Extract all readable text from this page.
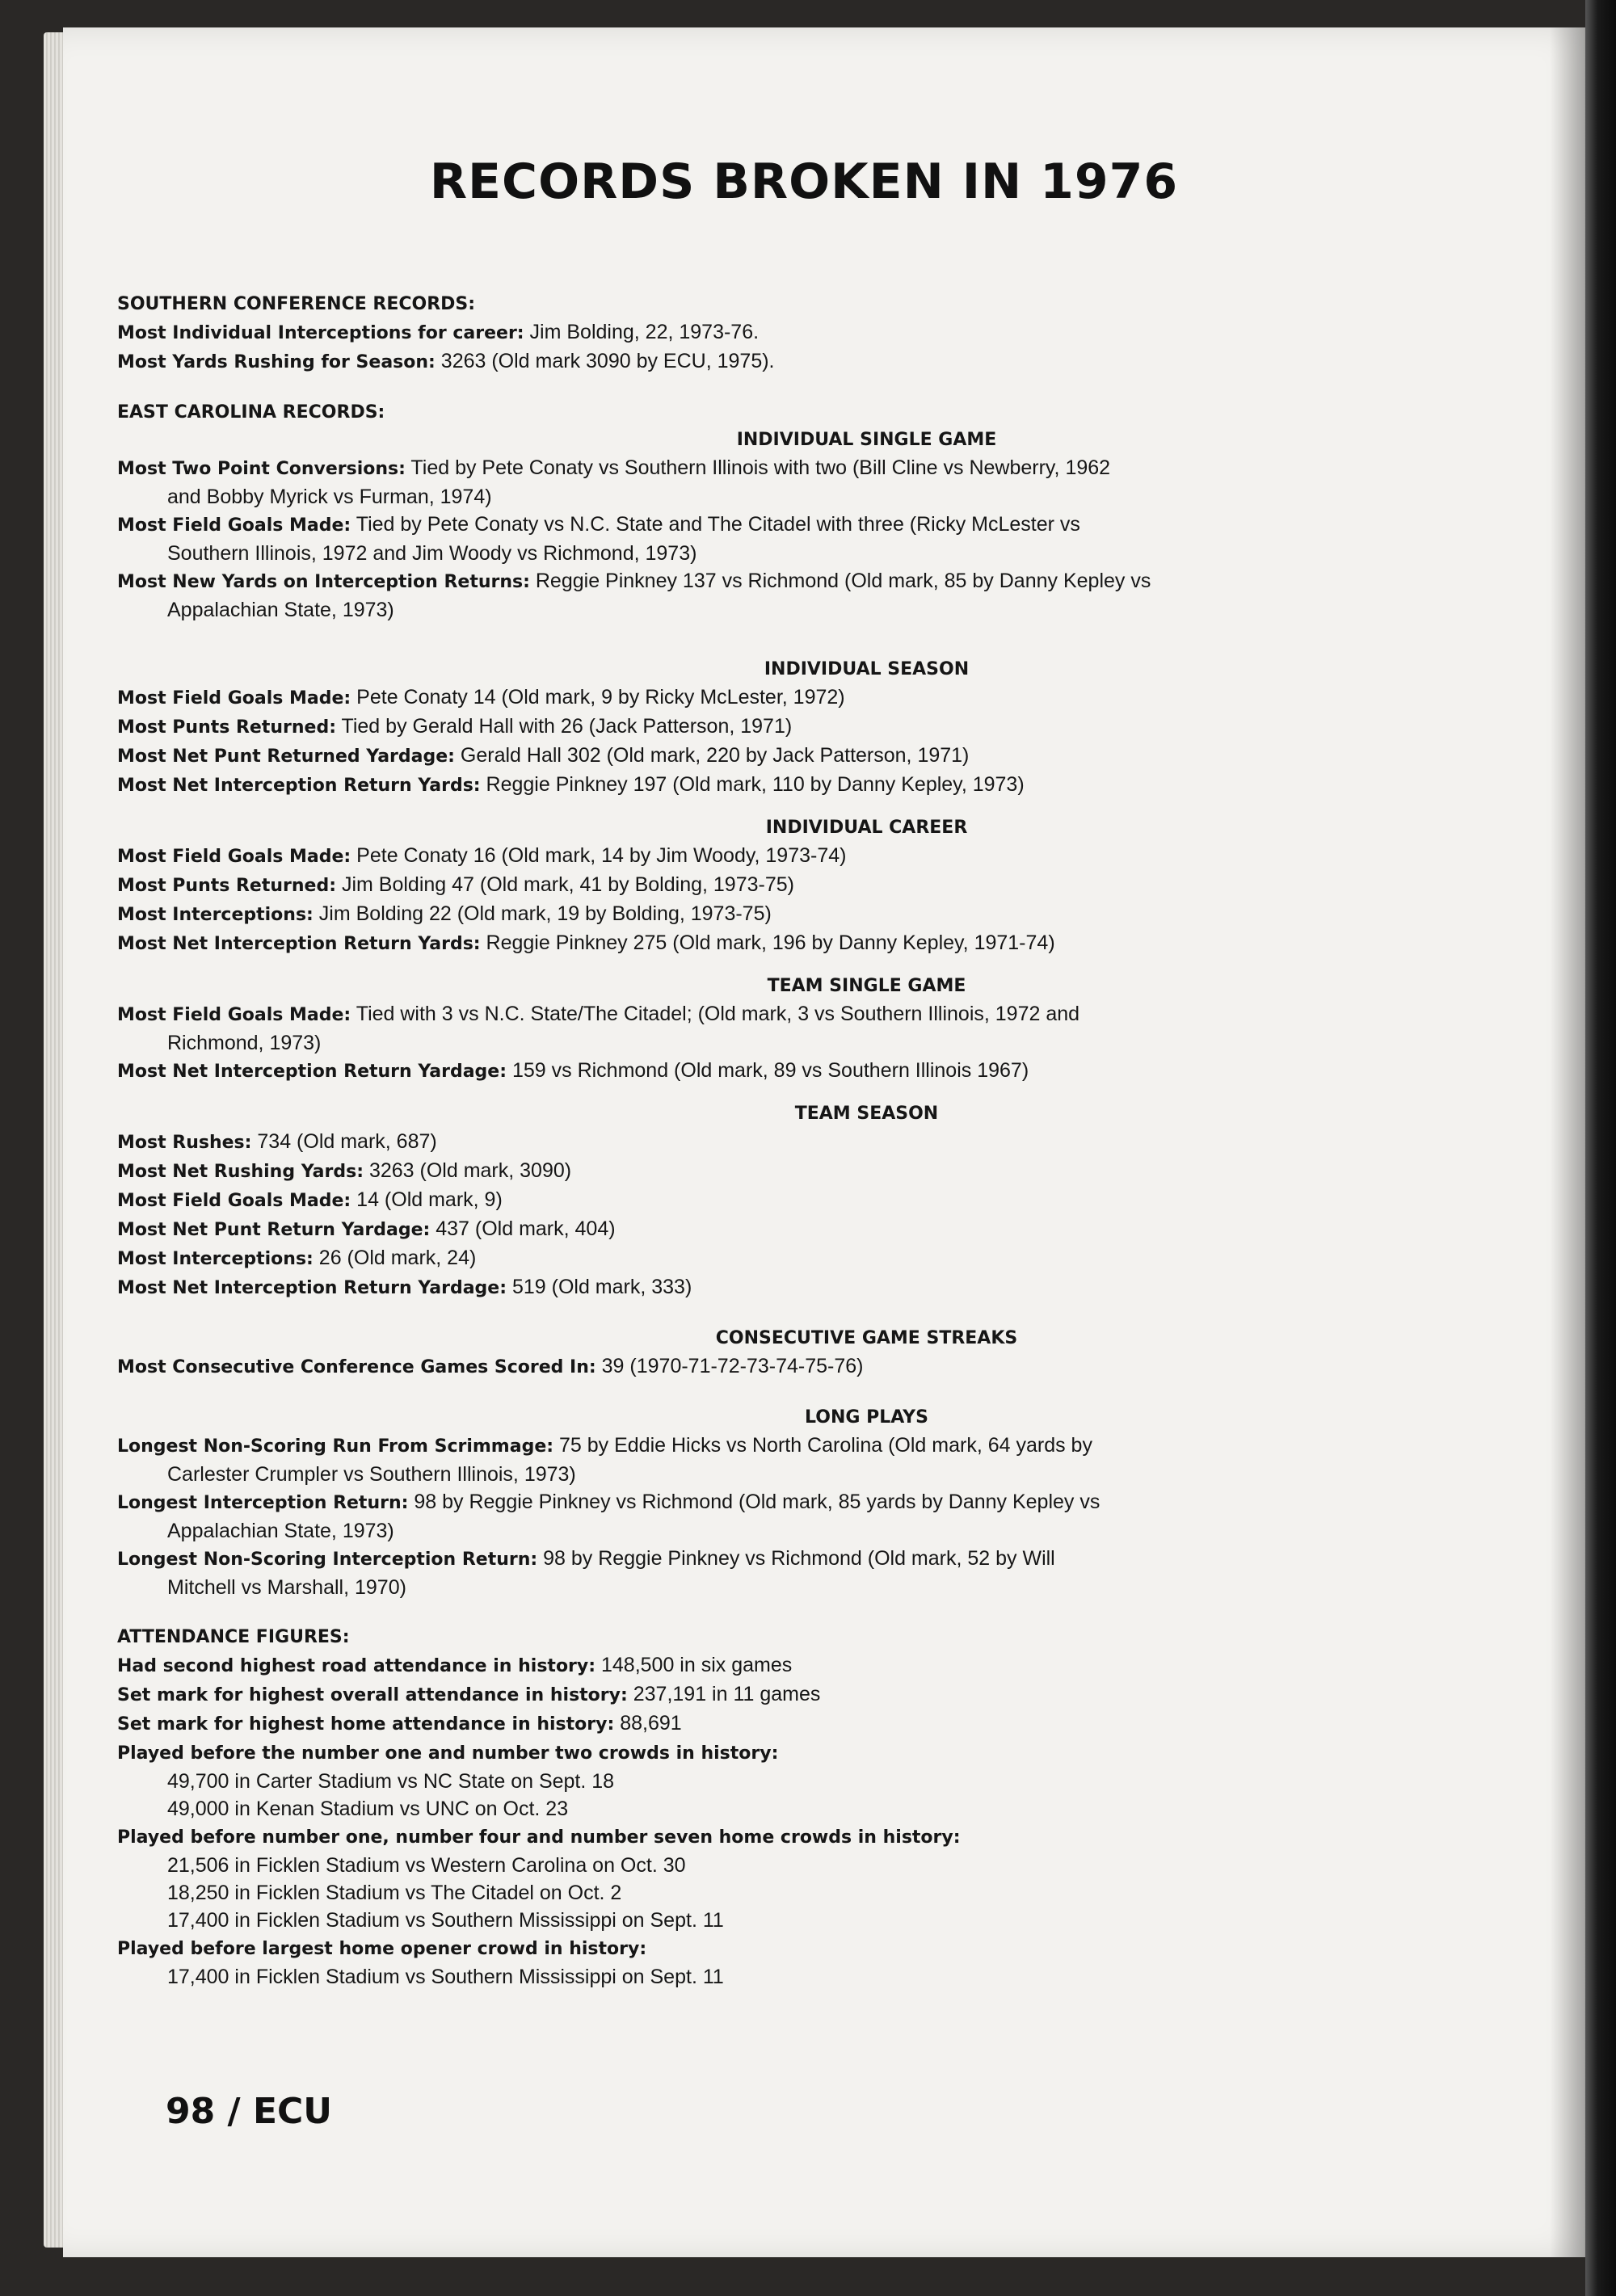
RECORDS BROKEN IN 1976

SOUTHERN CONFERENCE RECORDS:

Most Individual Interceptions for career: Jim Bolding, 22, 1973-76.

Most Yards Rushing for Season: 3263 (Old mark 3090 by ECU, 1975).

EAST CAROLINA RECORDS:

INDIVIDUAL SINGLE GAME

Most Two Point Conversions: Tied by Pete Conaty vs Southern Illinois with two (Bill Cline vs Newberry, 1962

and Bobby Myrick vs Furman, 1974)

Most Field Goals Made: Tied by Pete Conaty vs N.C. State and The Citadel with three (Ricky McLester vs

Southern Illinois, 1972 and Jim Woody vs Richmond, 1973)

Most New Yards on Interception Returns: Reggie Pinkney 137 vs Richmond (Old mark, 85 by Danny Kepley vs

Appalachian State, 1973)

INDIVIDUAL SEASON

Most Field Goals Made: Pete Conaty 14 (Old mark, 9 by Ricky McLester, 1972)

Most Punts Returned: Tied by Gerald Hall with 26 (Jack Patterson, 1971)

Most Net Punt Returned Yardage: Gerald Hall 302 (Old mark, 220 by Jack Patterson, 1971)

Most Net Interception Return Yards: Reggie Pinkney 197 (Old mark, 110 by Danny Kepley, 1973)

INDIVIDUAL CAREER

Most Field Goals Made: Pete Conaty 16 (Old mark, 14 by Jim Woody, 1973-74)

Most Punts Returned: Jim Bolding 47 (Old mark, 41 by Bolding, 1973-75)

Most Interceptions: Jim Bolding 22 (Old mark, 19 by Bolding, 1973-75)

Most Net Interception Return Yards: Reggie Pinkney 275 (Old mark, 196 by Danny Kepley, 1971-74)

TEAM SINGLE GAME

Most Field Goals Made: Tied with 3 vs N.C. State/The Citadel; (Old mark, 3 vs Southern Illinois, 1972 and

Richmond, 1973)

Most Net Interception Return Yardage: 159 vs Richmond (Old mark, 89 vs Southern Illinois 1967)

TEAM SEASON

Most Rushes: 734 (Old mark, 687)

Most Net Rushing Yards: 3263 (Old mark, 3090)

Most Field Goals Made: 14 (Old mark, 9)

Most Net Punt Return Yardage: 437 (Old mark, 404)

Most Interceptions: 26 (Old mark, 24)

Most Net Interception Return Yardage: 519 (Old mark, 333)

CONSECUTIVE GAME STREAKS

Most Consecutive Conference Games Scored In: 39 (1970-71-72-73-74-75-76)

LONG PLAYS

Longest Non-Scoring Run From Scrimmage: 75 by Eddie Hicks vs North Carolina (Old mark, 64 yards by

Carlester Crumpler vs Southern Illinois, 1973)

Longest Interception Return: 98 by Reggie Pinkney vs Richmond (Old mark, 85 yards by Danny Kepley vs

Appalachian State, 1973)

Longest Non-Scoring Interception Return: 98 by Reggie Pinkney vs Richmond (Old mark, 52 by Will

Mitchell vs Marshall, 1970)

ATTENDANCE FIGURES:

Had second highest road attendance in history: 148,500 in six games

Set mark for highest overall attendance in history: 237,191 in 11 games

Set mark for highest home attendance in history: 88,691

Played before the number one and number two crowds in history:

49,700 in Carter Stadium vs NC State on Sept. 18

49,000 in Kenan Stadium vs UNC on Oct. 23

Played before number one, number four and number seven home crowds in history:

21,506 in Ficklen Stadium vs Western Carolina on Oct. 30

18,250 in Ficklen Stadium vs The Citadel on Oct. 2

17,400 in Ficklen Stadium vs Southern Mississippi on Sept. 11

Played before largest home opener crowd in history:

17,400 in Ficklen Stadium vs Southern Mississippi on Sept. 11

98 / ECU
